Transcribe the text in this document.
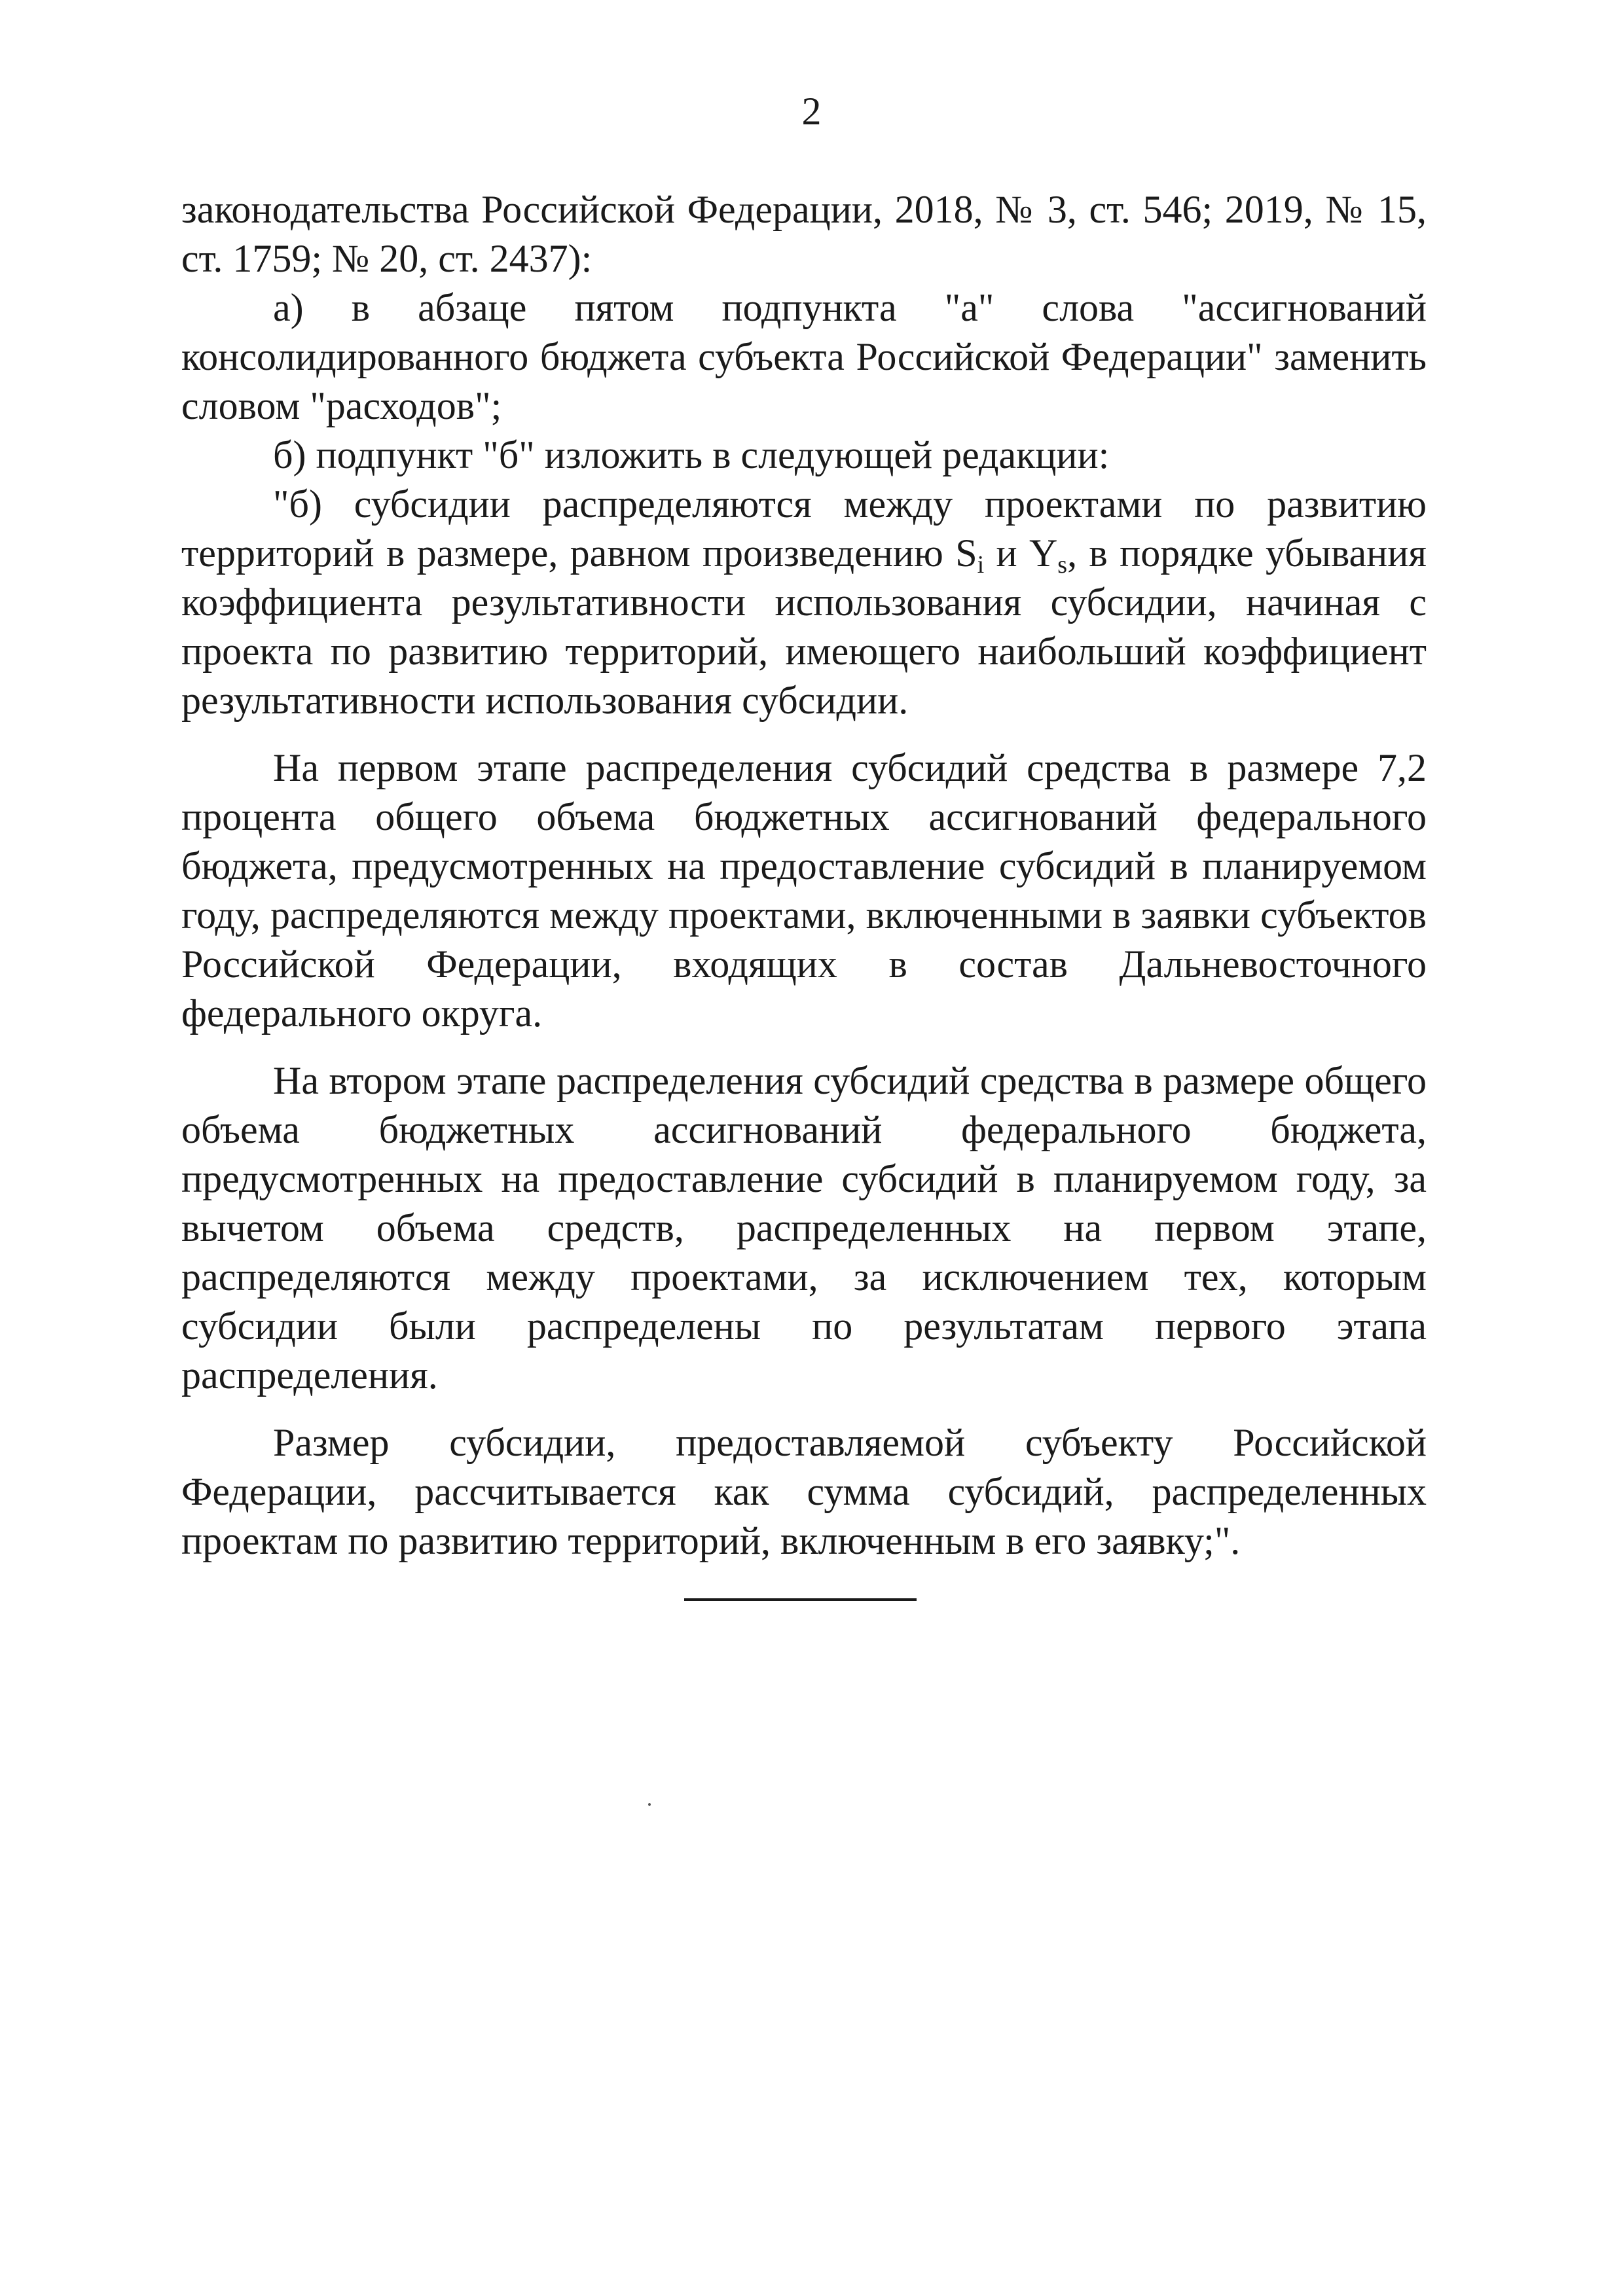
2

законодательства Российской Федерации, 2018, № 3, ст. 546; 2019, № 15, ст. 1759; № 20, ст. 2437):

а) в абзаце пятом подпункта "а" слова "ассигнований консолидированного бюджета субъекта Российской Федерации" заменить словом "расходов";

б) подпункт "б" изложить в следующей редакции:

"б) субсидии распределяются между проектами по развитию территорий в размере, равном произведению $S_i$ и $Y_s$, в порядке убывания коэффициента результативности использования субсидии, начиная с проекта по развитию территорий, имеющего наибольший коэффициент результативности использования субсидии.

На первом этапе распределения субсидий средства в размере 7,2 процента общего объема бюджетных ассигнований федерального бюджета, предусмотренных на предоставление субсидий в планируемом году, распределяются между проектами, включенными в заявки субъектов Российской Федерации, входящих в состав Дальневосточного федерального округа.

На втором этапе распределения субсидий средства в размере общего объема бюджетных ассигнований федерального бюджета, предусмотренных на предоставление субсидий в планируемом году, за вычетом объема средств, распределенных на первом этапе, распределяются между проектами, за исключением тех, которым субсидии были распределены по результатам первого этапа распределения.

Размер субсидии, предоставляемой субъекту Российской Федерации, рассчитывается как сумма субсидий, распределенных проектам по развитию территорий, включенным в его заявку;".
